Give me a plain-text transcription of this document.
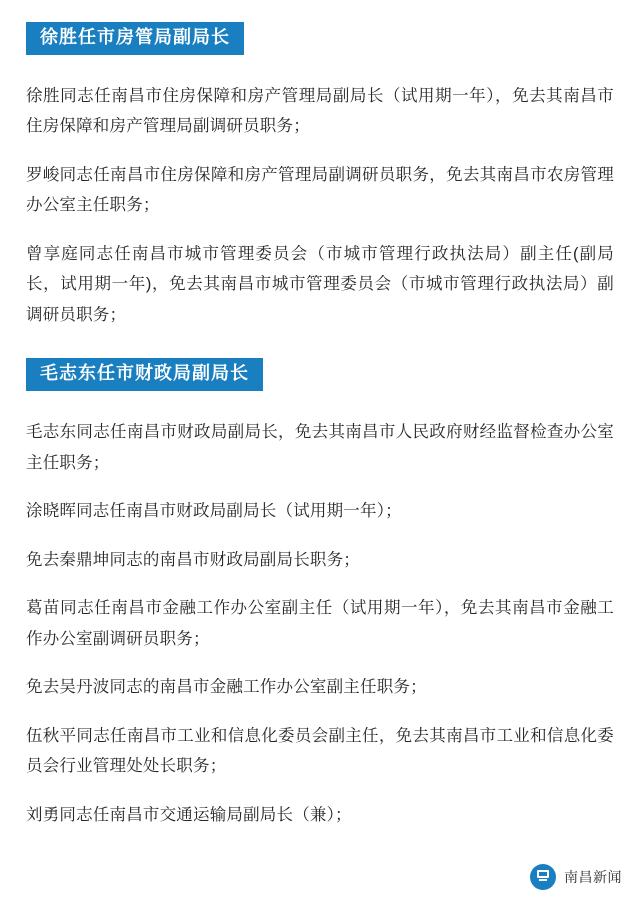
徐胜任市房管局副局长

徐胜同志任南昌市住房保障和房产管理局副局长（试用期一年），免去其南昌市住房保障和房产管理局副调研员职务；

罗峻同志任南昌市住房保障和房产管理局副调研员职务，免去其南昌市农房管理办公室主任职务；

曾享庭同志任南昌市城市管理委员会（市城市管理行政执法局）副主任(副局长，试用期一年)，免去其南昌市城市管理委员会（市城市管理行政执法局）副调研员职务；

毛志东任市财政局副局长

毛志东同志任南昌市财政局副局长，免去其南昌市人民政府财经监督检查办公室主任职务；

涂晓晖同志任南昌市财政局副局长（试用期一年）；

免去秦鼎坤同志的南昌市财政局副局长职务；

葛苗同志任南昌市金融工作办公室副主任（试用期一年），免去其南昌市金融工作办公室副调研员职务；

免去吴丹波同志的南昌市金融工作办公室副主任职务；

伍秋平同志任南昌市工业和信息化委员会副主任，免去其南昌市工业和信息化委员会行业管理处处长职务；

刘勇同志任南昌市交通运输局副局长（兼）；

南昌新闻
